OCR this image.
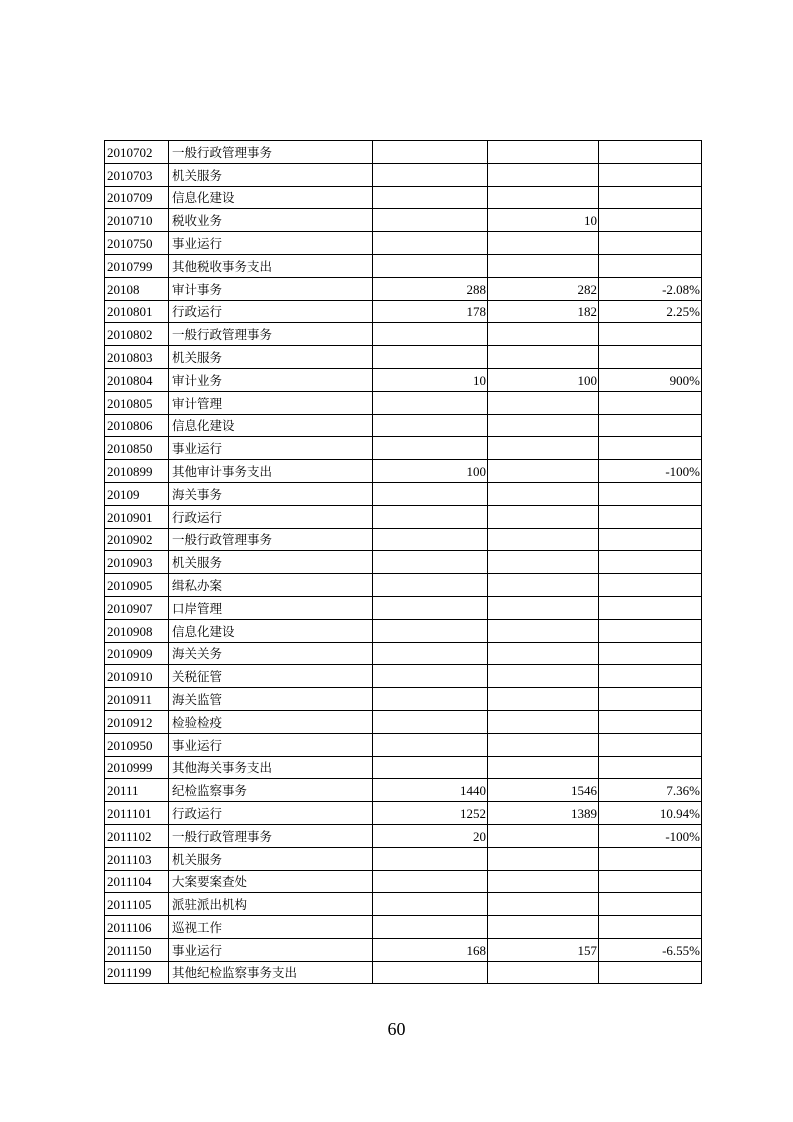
2010702	一般行政管理事务			
2010703	机关服务			
2010709	信息化建设			
2010710	税收业务		10	
2010750	事业运行			
2010799	其他税收事务支出			
20108	审计事务	288	282	-2.08%
2010801	行政运行	178	182	2.25%
2010802	一般行政管理事务			
2010803	机关服务			
2010804	审计业务	10	100	900%
2010805	审计管理			
2010806	信息化建设			
2010850	事业运行			
2010899	其他审计事务支出	100		-100%
20109	海关事务			
2010901	行政运行			
2010902	一般行政管理事务			
2010903	机关服务			
2010905	缉私办案			
2010907	口岸管理			
2010908	信息化建设			
2010909	海关关务			
2010910	关税征管			
2010911	海关监管			
2010912	检验检疫			
2010950	事业运行			
2010999	其他海关事务支出			
20111	纪检监察事务	1440	1546	7.36%
2011101	行政运行	1252	1389	10.94%
2011102	一般行政管理事务	20		-100%
2011103	机关服务			
2011104	大案要案查处			
2011105	派驻派出机构			
2011106	巡视工作			
2011150	事业运行	168	157	-6.55%
2011199	其他纪检监察事务支出			
60
